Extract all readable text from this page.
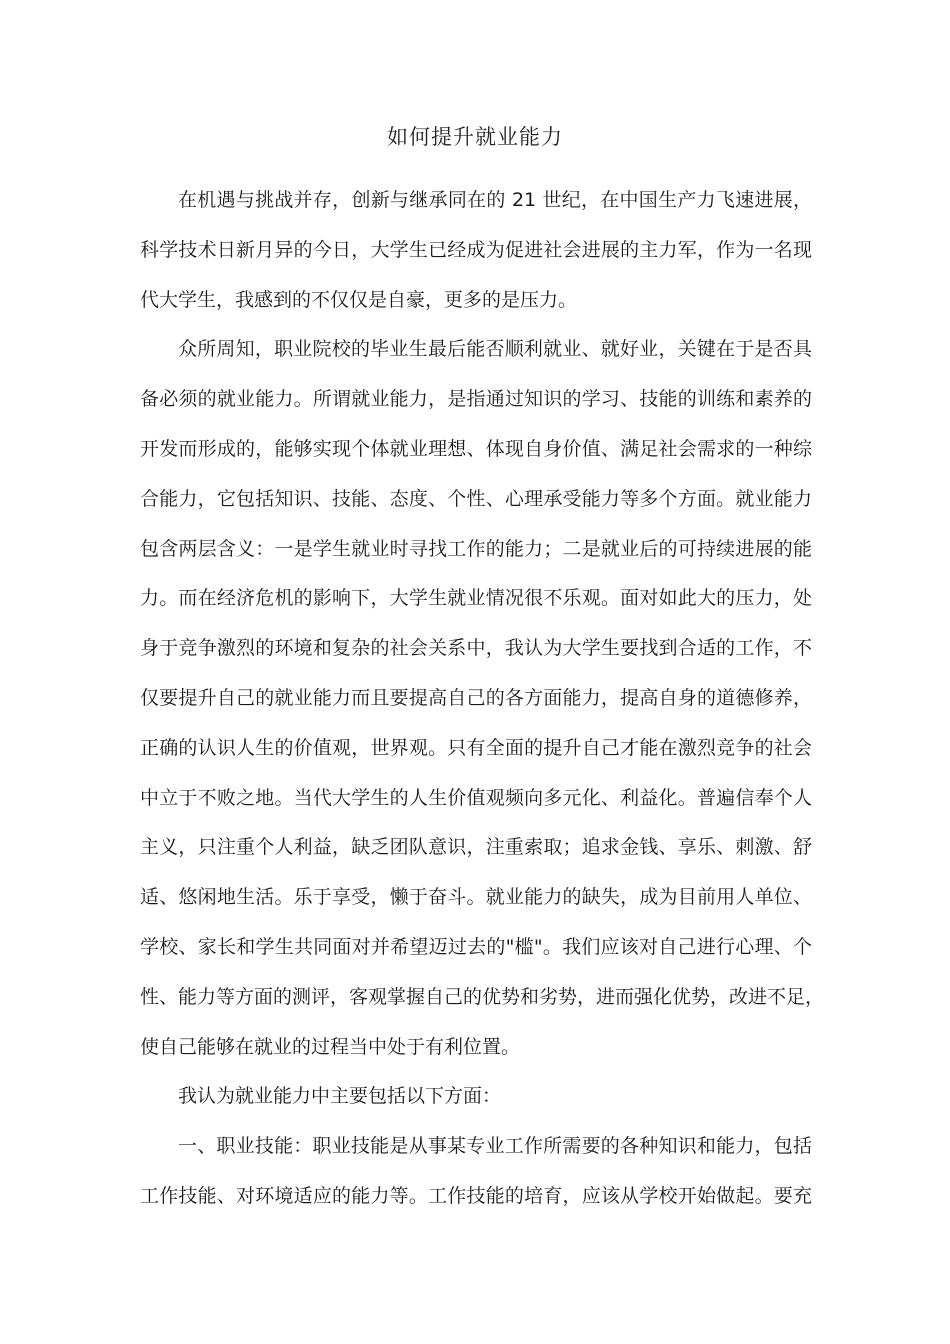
如何提升就业能力
在机遇与挑战并存，创新与继承同在的 21 世纪，在中国生产力飞速进展，
科学技术日新月异的今日，大学生已经成为促进社会进展的主力军，作为一名现
代大学生，我感到的不仅仅是自豪，更多的是压力。
众所周知，职业院校的毕业生最后能否顺利就业、就好业，关键在于是否具
备必须的就业能力。所谓就业能力，是指通过知识的学习、技能的训练和素养的
开发而形成的，能够实现个体就业理想、体现自身价值、满足社会需求的一种综
合能力，它包括知识、技能、态度、个性、心理承受能力等多个方面。就业能力
包含两层含义：一是学生就业时寻找工作的能力；二是就业后的可持续进展的能
力。而在经济危机的影响下，大学生就业情况很不乐观。面对如此大的压力，处
身于竞争激烈的环境和复杂的社会关系中，我认为大学生要找到合适的工作，不
仅要提升自己的就业能力而且要提高自己的各方面能力，提高自身的道德修养，
正确的认识人生的价值观，世界观。只有全面的提升自己才能在激烈竞争的社会
中立于不败之地。当代大学生的人生价值观频向多元化、利益化。普遍信奉个人
主义，只注重个人利益，缺乏团队意识，注重索取；追求金钱、享乐、刺激、舒
适、悠闲地生活。乐于享受，懒于奋斗。就业能力的缺失，成为目前用人单位、
学校、家长和学生共同面对并希望迈过去的"槛"。我们应该对自己进行心理、个
性、能力等方面的测评，客观掌握自己的优势和劣势，进而强化优势，改进不足，
使自己能够在就业的过程当中处于有利位置。
我认为就业能力中主要包括以下方面：
一、职业技能：职业技能是从事某专业工作所需要的各种知识和能力，包括
工作技能、对环境适应的能力等。工作技能的培育，应该从学校开始做起。要充
